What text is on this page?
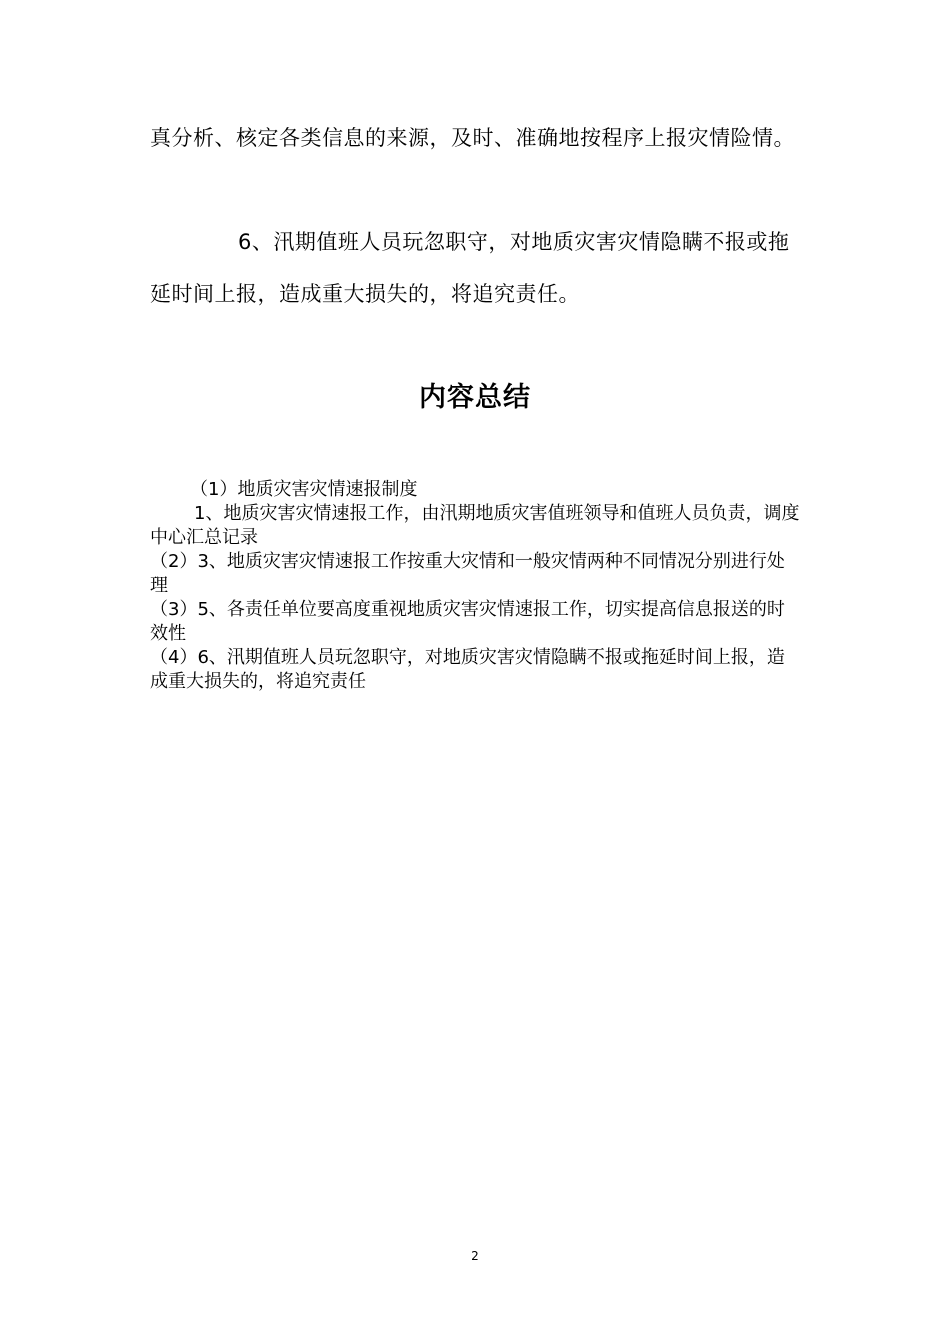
真分析、核定各类信息的来源，及时、准确地按程序上报灾情险情。

6、汛期值班人员玩忽职守，对地质灾害灾情隐瞒不报或拖延时间上报，造成重大损失的，将追究责任。

内容总结

（1）地质灾害灾情速报制度

1、地质灾害灾情速报工作，由汛期地质灾害值班领导和值班人员负责，调度中心汇总记录

（2）3、地质灾害灾情速报工作按重大灾情和一般灾情两种不同情况分别进行处理

（3）5、各责任单位要高度重视地质灾害灾情速报工作，切实提高信息报送的时效性

（4）6、汛期值班人员玩忽职守，对地质灾害灾情隐瞒不报或拖延时间上报，造成重大损失的，将追究责任

2
